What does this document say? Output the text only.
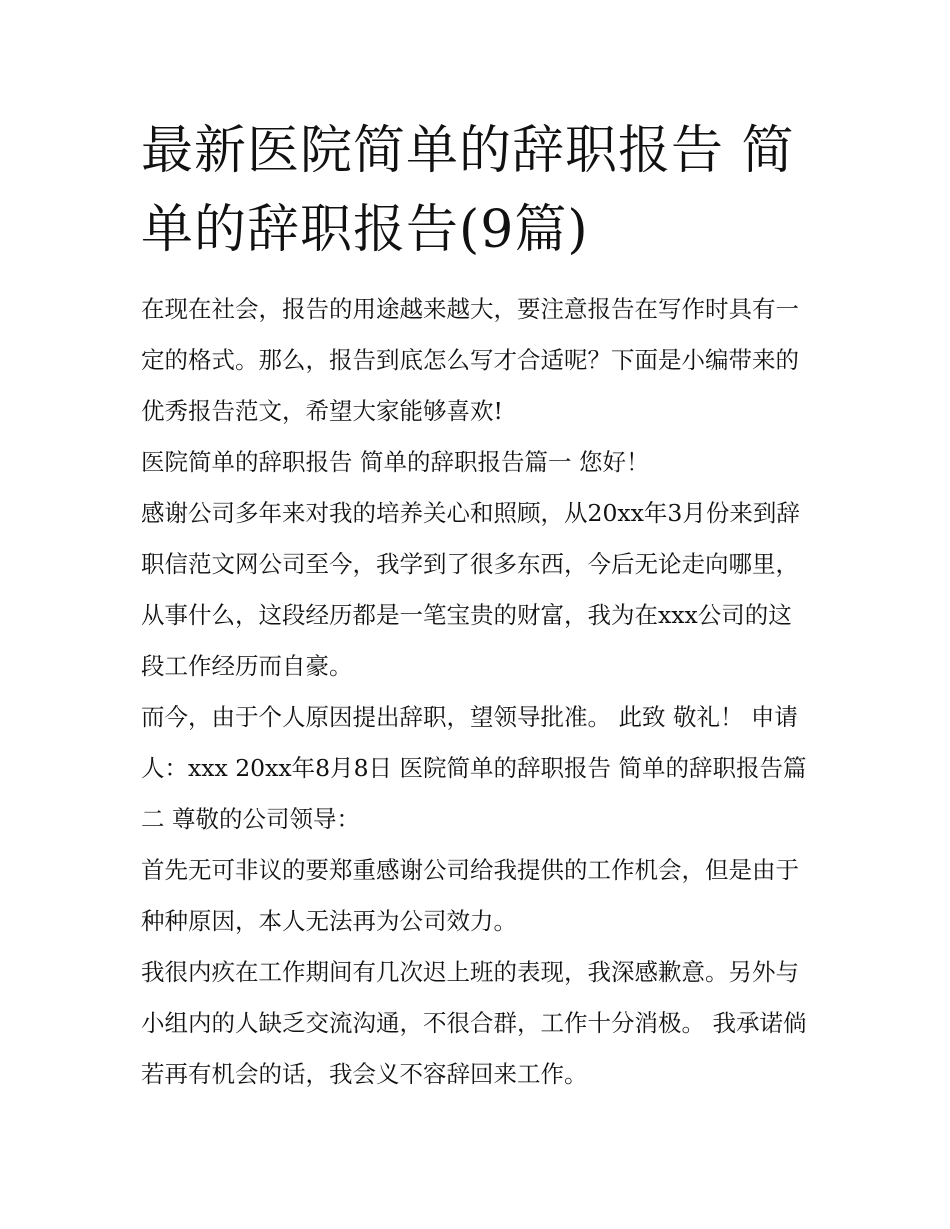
最新医院简单的辞职报告 简单的辞职报告(9篇)

在现在社会，报告的用途越来越大，要注意报告在写作时具有一定的格式。那么，报告到底怎么写才合适呢？下面是小编带来的优秀报告范文，希望大家能够喜欢!

医院简单的辞职报告 简单的辞职报告篇一 您好！

感谢公司多年来对我的培养关心和照顾，从20xx年3月份来到辞职信范文网公司至今，我学到了很多东西，今后无论走向哪里，从事什么，这段经历都是一笔宝贵的财富，我为在xxx公司的这段工作经历而自豪。

而今，由于个人原因提出辞职，望领导批准。 此致 敬礼！ 申请人：xxx 20xx年8月8日 医院简单的辞职报告 简单的辞职报告篇二 尊敬的公司领导：

首先无可非议的要郑重感谢公司给我提供的工作机会，但是由于种种原因，本人无法再为公司效力。

我很内疚在工作期间有几次迟上班的表现，我深感歉意。另外与小组内的人缺乏交流沟通，不很合群，工作十分消极。 我承诺倘若再有机会的话，我会义不容辞回来工作。
